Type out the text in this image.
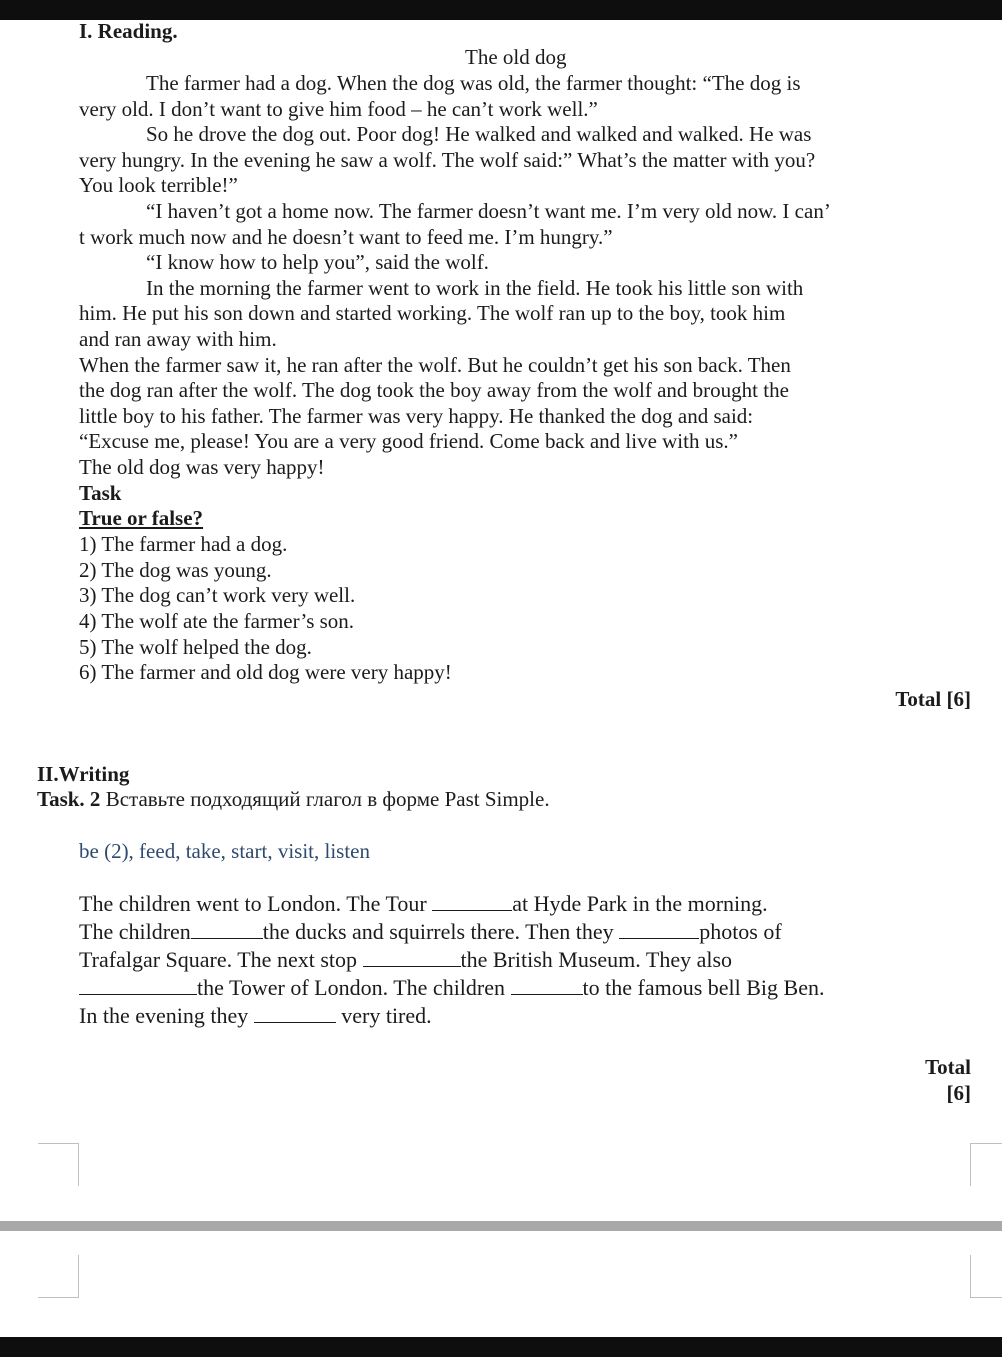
I. Reading.

The old dog

The farmer had a dog. When the dog was old, the farmer thought: “The dog is

very old. I don’t want to give him food – he can’t work well.”

So he drove the dog out. Poor dog! He walked and walked and walked. He was

very hungry. In the evening he saw a wolf. The wolf said:” What’s the matter with you?

You look terrible!”

“I haven’t got a home now. The farmer doesn’t want me. I’m very old now. I can’

t work much now and he doesn’t want to feed me. I’m hungry.”

“I know how to help you”, said the wolf.

In the morning the farmer went to work in the field. He took his little son with

him. He put his son down and started working. The wolf ran up to the boy, took him

and ran away with him.

When the farmer saw it, he ran after the wolf. But he couldn’t get his son back. Then

the dog ran after the wolf. The dog took the boy away from the wolf and brought the

little boy to his father. The farmer was very happy. He thanked the dog and said:

“Excuse me, please! You are a very good friend. Come back and live with us.”

The old dog was very happy!

Task

True or false?

1) The farmer had a dog.

2) The dog was young.

3) The dog can’t work very well.

4) The wolf ate the farmer’s son.

5) The wolf helped the dog.

6) The farmer and old dog were very happy!

Total [6]

II.Writing

Task. 2 Вставьте подходящий глагол в форме Past Simple.

be (2), feed, take, start, visit, listen

The children went to London. The Tour	at Hyde Park in the morning.

The children	the ducks and squirrels there. Then they	photos of

Trafalgar Square. The next stop	the British Museum. They also

the Tower of London. The children	to the famous bell Big Ben.

In the evening they	very tired.

Total

[6]
